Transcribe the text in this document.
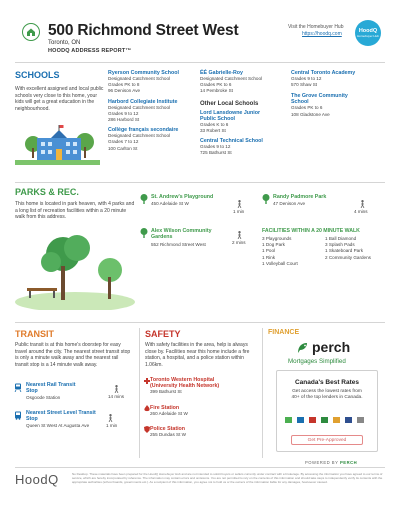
500 Richmond Street West
Toronto, ON
HOODQ ADDRESS REPORT™
Visit the Homebuyer Hub
https://hoodq.com	HoodQ
Homebuyer Hub
SCHOOLS
With excellent assigned and local public schools very close to this home, your kids will get a great education in the neighbourhood.
Ryerson Community School
Designated Catchment School
Grades PK to 8
96 Denison Ave
Harbord Collegiate Institute
Designated Catchment School
Grades 9 to 12
286 Harbord St
Collège français secondaire
Designated Catchment School
Grades 7 to 12
100 Carlton St
ÉÉ Gabrielle-Roy
Designated Catchment School
Grades PK to 6
14 Pembroke St
Other Local Schools
Lord Lansdowne Junior Public School
Grades K to 6
33 Robert St
Central Technical School
Grades 9 to 12
725 Bathurst St
Central Toronto Academy
Grades 9 to 12
570 Shaw St
The Grove Community School
Grades PK to 6
108 Gladstone Ave
PARKS & REC.
This home is located in park heaven, with 4 parks and a long list of recreation facilities within a 20 minute walk from this address.
St. Andrew's Playground
450 Adelaide St W
1 min
Randy Padmore Park
47 Denison Ave
4 mins
Alex Wilson Community Gardens
552 Richmond Street West	2 mins
FACILITIES WITHIN A 20 MINUTE WALK
3 Playgrounds
1 Dog Park
1 Pool
1 Rink
1 Volleyball Court
1 Ball Diamond
3 Splash Pads
1 Skateboard Park
2 Community Gardens
TRANSIT
Public transit is at this home's doorstep for easy travel around the city. The nearest street transit stop is only a minute walk away and the nearest rail transit stop is a 14 minute walk away.
Nearest Rail Transit Stop
Osgoode Station	14 mins
Nearest Street Level Transit Stop
Queen St West At Augusta Ave	1 min
SAFETY
With safety facilities in the area, help is always close by. Facilities near this home include a fire station, a hospital, and a police station within 1.06km.
Toronto Western Hospital (University Health Network)
399 Bathurst St
Fire Station
260 Adelaide St W
Police Station
255 Dundas St W
FINANCE
perch
Mortgages Simplified
Canada's Best Rates
Get access the lowest rates from 40+ of the top lenders in Canada.
Get Pre-Approved
POWERED BY PERCH
HoodQ	No Desktop. These materials have been prepared for the HoodQ Homebuyer Hub and are not intended to solicit buyers or sellers currently under contract with a brokerage. By accessing the information you have agreed to our terms of service, which are hereby incorporated by reference. The information may contain errors and omissions. You are not permitted to rely on the contents of this information and should take steps to independently verify its contents with the appropriate authorities (school boards, governments etc.). As a recipient of this information, you agree not to hold us or the owners of the information liable for any damages, howsoever caused.
